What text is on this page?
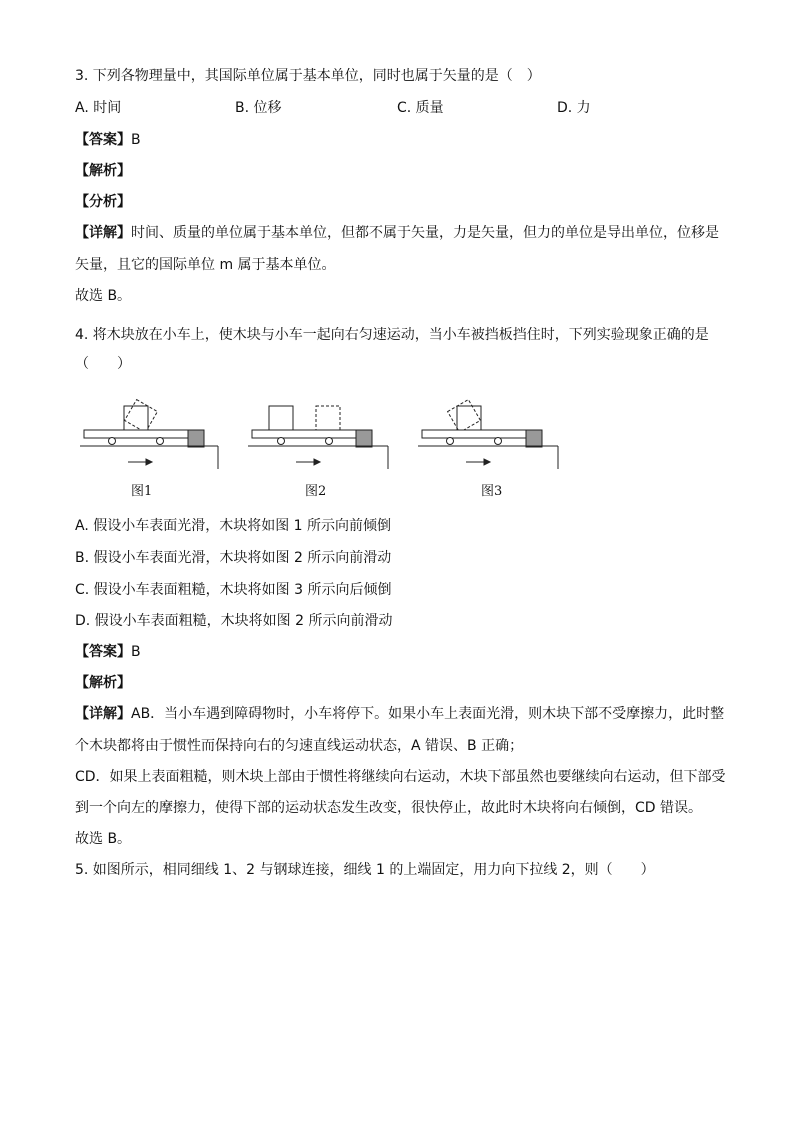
3. 下列各物理量中，其国际单位属于基本单位，同时也属于矢量的是（　）
A. 时间	B. 位移	C. 质量	D. 力
【答案】B
【解析】
【分析】
【详解】时间、质量的单位属于基本单位，但都不属于矢量，力是矢量，但力的单位是导出单位，位移是
矢量，且它的国际单位 m 属于基本单位。
故选 B。
4. 将木块放在小车上，使木块与小车一起向右匀速运动，当小车被挡板挡住时，下列实验现象正确的是
（　　）
图1	图2	图3
A. 假设小车表面光滑，木块将如图 1 所示向前倾倒
B. 假设小车表面光滑，木块将如图 2 所示向前滑动
C. 假设小车表面粗糙，木块将如图 3 所示向后倾倒
D. 假设小车表面粗糙，木块将如图 2 所示向前滑动
【答案】B
【解析】
【详解】AB．当小车遇到障碍物时，小车将停下。如果小车上表面光滑，则木块下部不受摩擦力，此时整
个木块都将由于惯性而保持向右的匀速直线运动状态，A 错误、B 正确；
CD．如果上表面粗糙，则木块上部由于惯性将继续向右运动，木块下部虽然也要继续向右运动，但下部受
到一个向左的摩擦力，使得下部的运动状态发生改变，很快停止，故此时木块将向右倾倒，CD 错误。
故选 B。
5. 如图所示，相同细线 1、2 与钢球连接，细线 1 的上端固定，用力向下拉线 2，则（　　）
